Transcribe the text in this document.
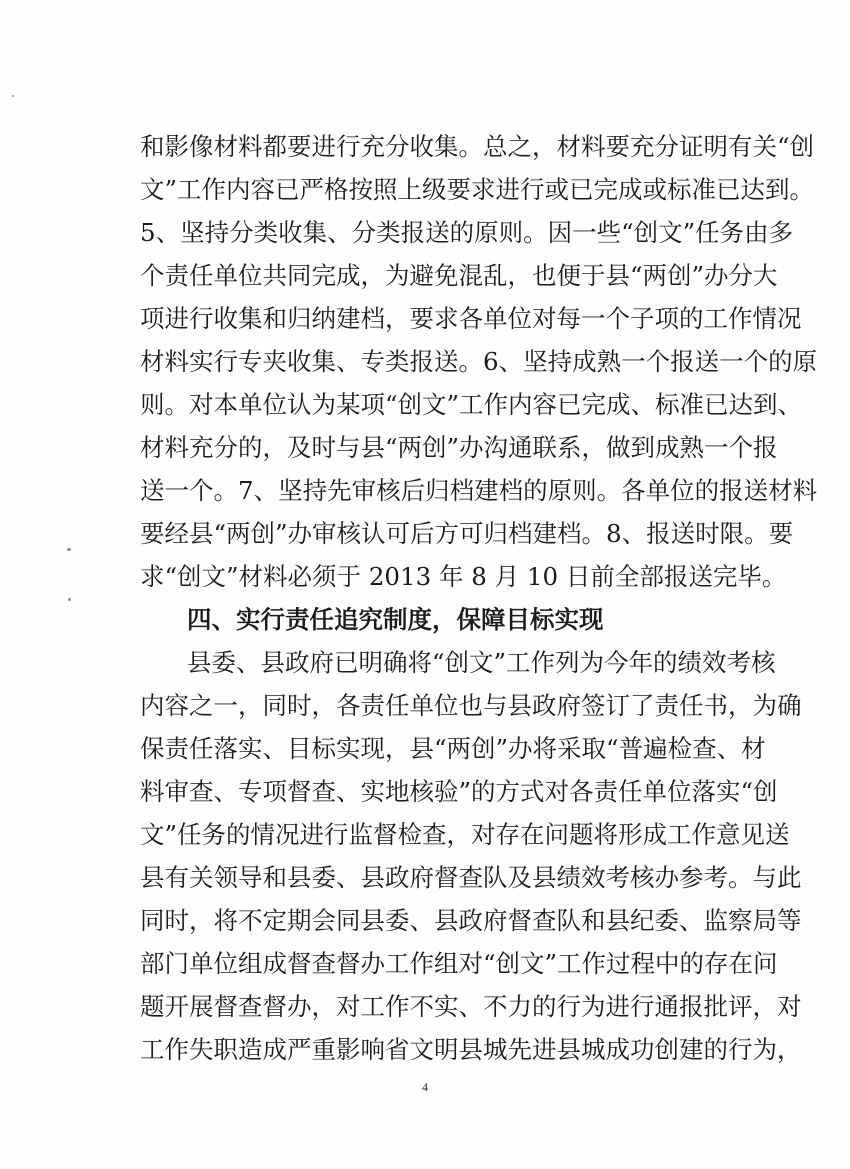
和影像材料都要进行充分收集。总之，材料要充分证明有关“创
文”工作内容已严格按照上级要求进行或已完成或标准已达到。
5、坚持分类收集、分类报送的原则。因一些“创文”任务由多
个责任单位共同完成，为避免混乱，也便于县“两创”办分大
项进行收集和归纳建档，要求各单位对每一个子项的工作情况
材料实行专夹收集、专类报送。6、坚持成熟一个报送一个的原
则。对本单位认为某项“创文”工作内容已完成、标准已达到、
材料充分的，及时与县“两创”办沟通联系，做到成熟一个报
送一个。7、坚持先审核后归档建档的原则。各单位的报送材料
要经县“两创”办审核认可后方可归档建档。8、报送时限。要
求“创文”材料必须于 2013 年 8 月 10 日前全部报送完毕。
四、实行责任追究制度，保障目标实现
县委、县政府已明确将“创文”工作列为今年的绩效考核
内容之一，同时，各责任单位也与县政府签订了责任书，为确
保责任落实、目标实现，县“两创”办将采取“普遍检查、材
料审查、专项督查、实地核验”的方式对各责任单位落实“创
文”任务的情况进行监督检查，对存在问题将形成工作意见送
县有关领导和县委、县政府督查队及县绩效考核办参考。与此
同时，将不定期会同县委、县政府督查队和县纪委、监察局等
部门单位组成督查督办工作组对“创文”工作过程中的存在问
题开展督查督办，对工作不实、不力的行为进行通报批评，对
工作失职造成严重影响省文明县城先进县城成功创建的行为，
4
